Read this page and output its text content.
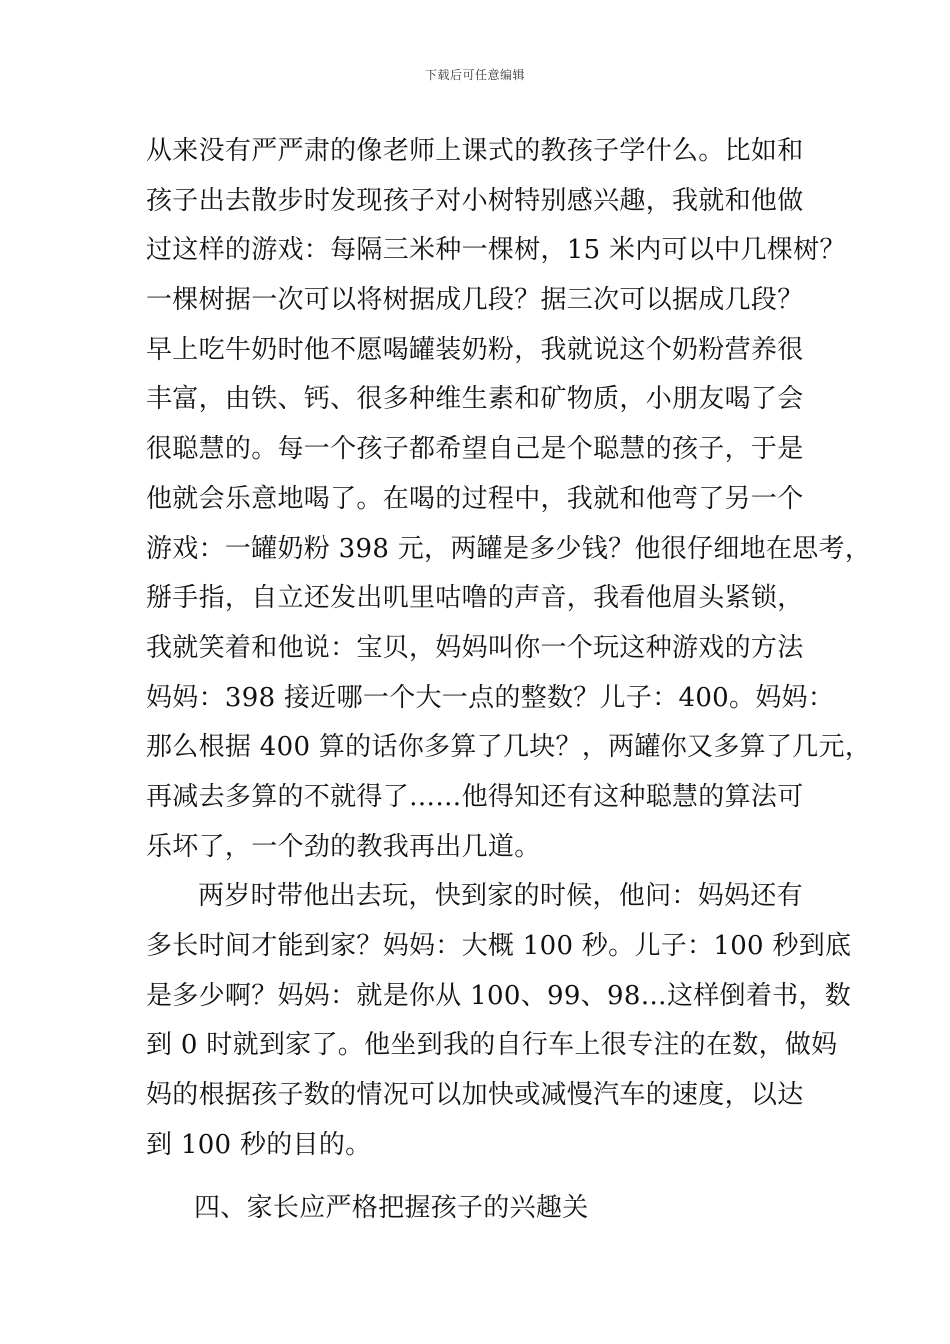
下载后可任意编辑
从来没有严严肃的像老师上课式的教孩子学什么。比如和
孩子出去散步时发现孩子对小树特别感兴趣，我就和他做
过这样的游戏：每隔三米种一棵树，15 米内可以中几棵树？
一棵树据一次可以将树据成几段？据三次可以据成几段？
早上吃牛奶时他不愿喝罐装奶粉，我就说这个奶粉营养很
丰富，由铁、钙、很多种维生素和矿物质，小朋友喝了会
很聪慧的。每一个孩子都希望自己是个聪慧的孩子，于是
他就会乐意地喝了。在喝的过程中，我就和他弯了另一个
游戏：一罐奶粉 398 元，两罐是多少钱？他很仔细地在思考，
掰手指，自立还发出叽里咕噜的声音，我看他眉头紧锁，
我就笑着和他说：宝贝，妈妈叫你一个玩这种游戏的方法
妈妈：398 接近哪一个大一点的整数？儿子：400。妈妈：
那么根据 400 算的话你多算了几块？，两罐你又多算了几元，
再减去多算的不就得了……他得知还有这种聪慧的算法可
乐坏了，一个劲的教我再出几道。
两岁时带他出去玩，快到家的时候，他问：妈妈还有
多长时间才能到家？妈妈：大概 100 秒。儿子：100 秒到底
是多少啊？妈妈：就是你从 100、99、98…这样倒着书，数
到 0 时就到家了。他坐到我的自行车上很专注的在数，做妈
妈的根据孩子数的情况可以加快或减慢汽车的速度，以达
到 100 秒的目的。
四、家长应严格把握孩子的兴趣关
